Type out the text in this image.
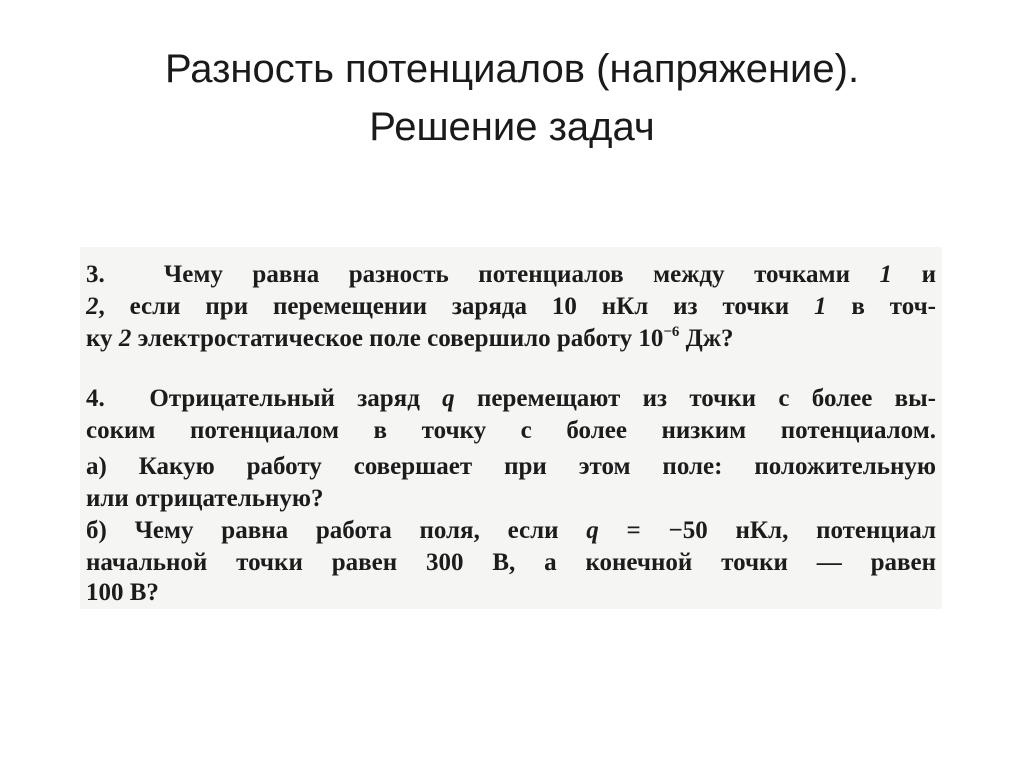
Разность потенциалов (напряжение).
Решение задач
3. Чему равна разность потенциалов между точками 1 и
2, если при перемещении заряда 10 нКл из точки 1 в точ-
ку 2 электростатическое поле совершило работу $10^{-6}$ Дж?
4. Отрицательный заряд q перемещают из точки с более вы-
соким потенциалом в точку с более низким потенциалом.
а) Какую работу совершает при этом поле: положительную
или отрицательную?
б) Чему равна работа поля, если q = −50 нКл, потенциал
начальной точки равен 300 В, а конечной точки — равен
100 В?
